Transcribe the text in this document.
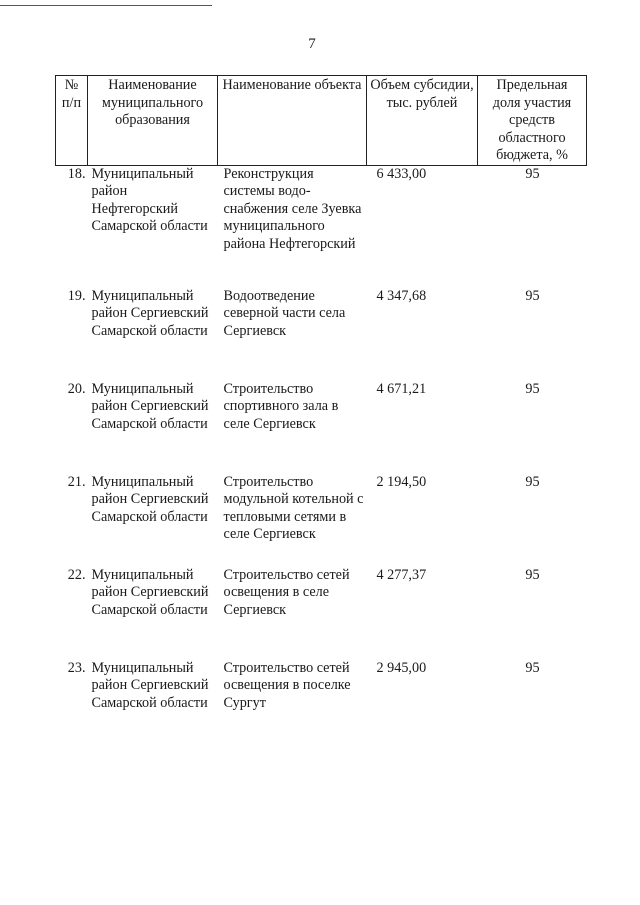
7
№ п/п	Наименование муниципального образования	Наименование объекта	Объем субсидии, тыс. рублей	Предельная доля участия средств областного бюджета, %
18.	Муниципальный район Нефтегорский Самарской области	Реконструкция системы водо-снабжения селе Зуевка муниципального района Нефтегорский	6 433,00	95
19.	Муниципальный район Сергиевский Самарской области	Водоотведение северной части села Сергиевск	4 347,68	95
20.	Муниципальный район Сергиевский Самарской области	Строительство спортивного зала в селе Сергиевск	4 671,21	95
21.	Муниципальный район Сергиевский Самарской области	Строительство модульной котельной с тепловыми сетями в селе Сергиевск	2 194,50	95
22.	Муниципальный район Сергиевский Самарской области	Строительство сетей освещения в селе Сергиевск	4 277,37	95
23.	Муниципальный район Сергиевский Самарской области	Строительство сетей освещения в поселке Сургут	2 945,00	95
